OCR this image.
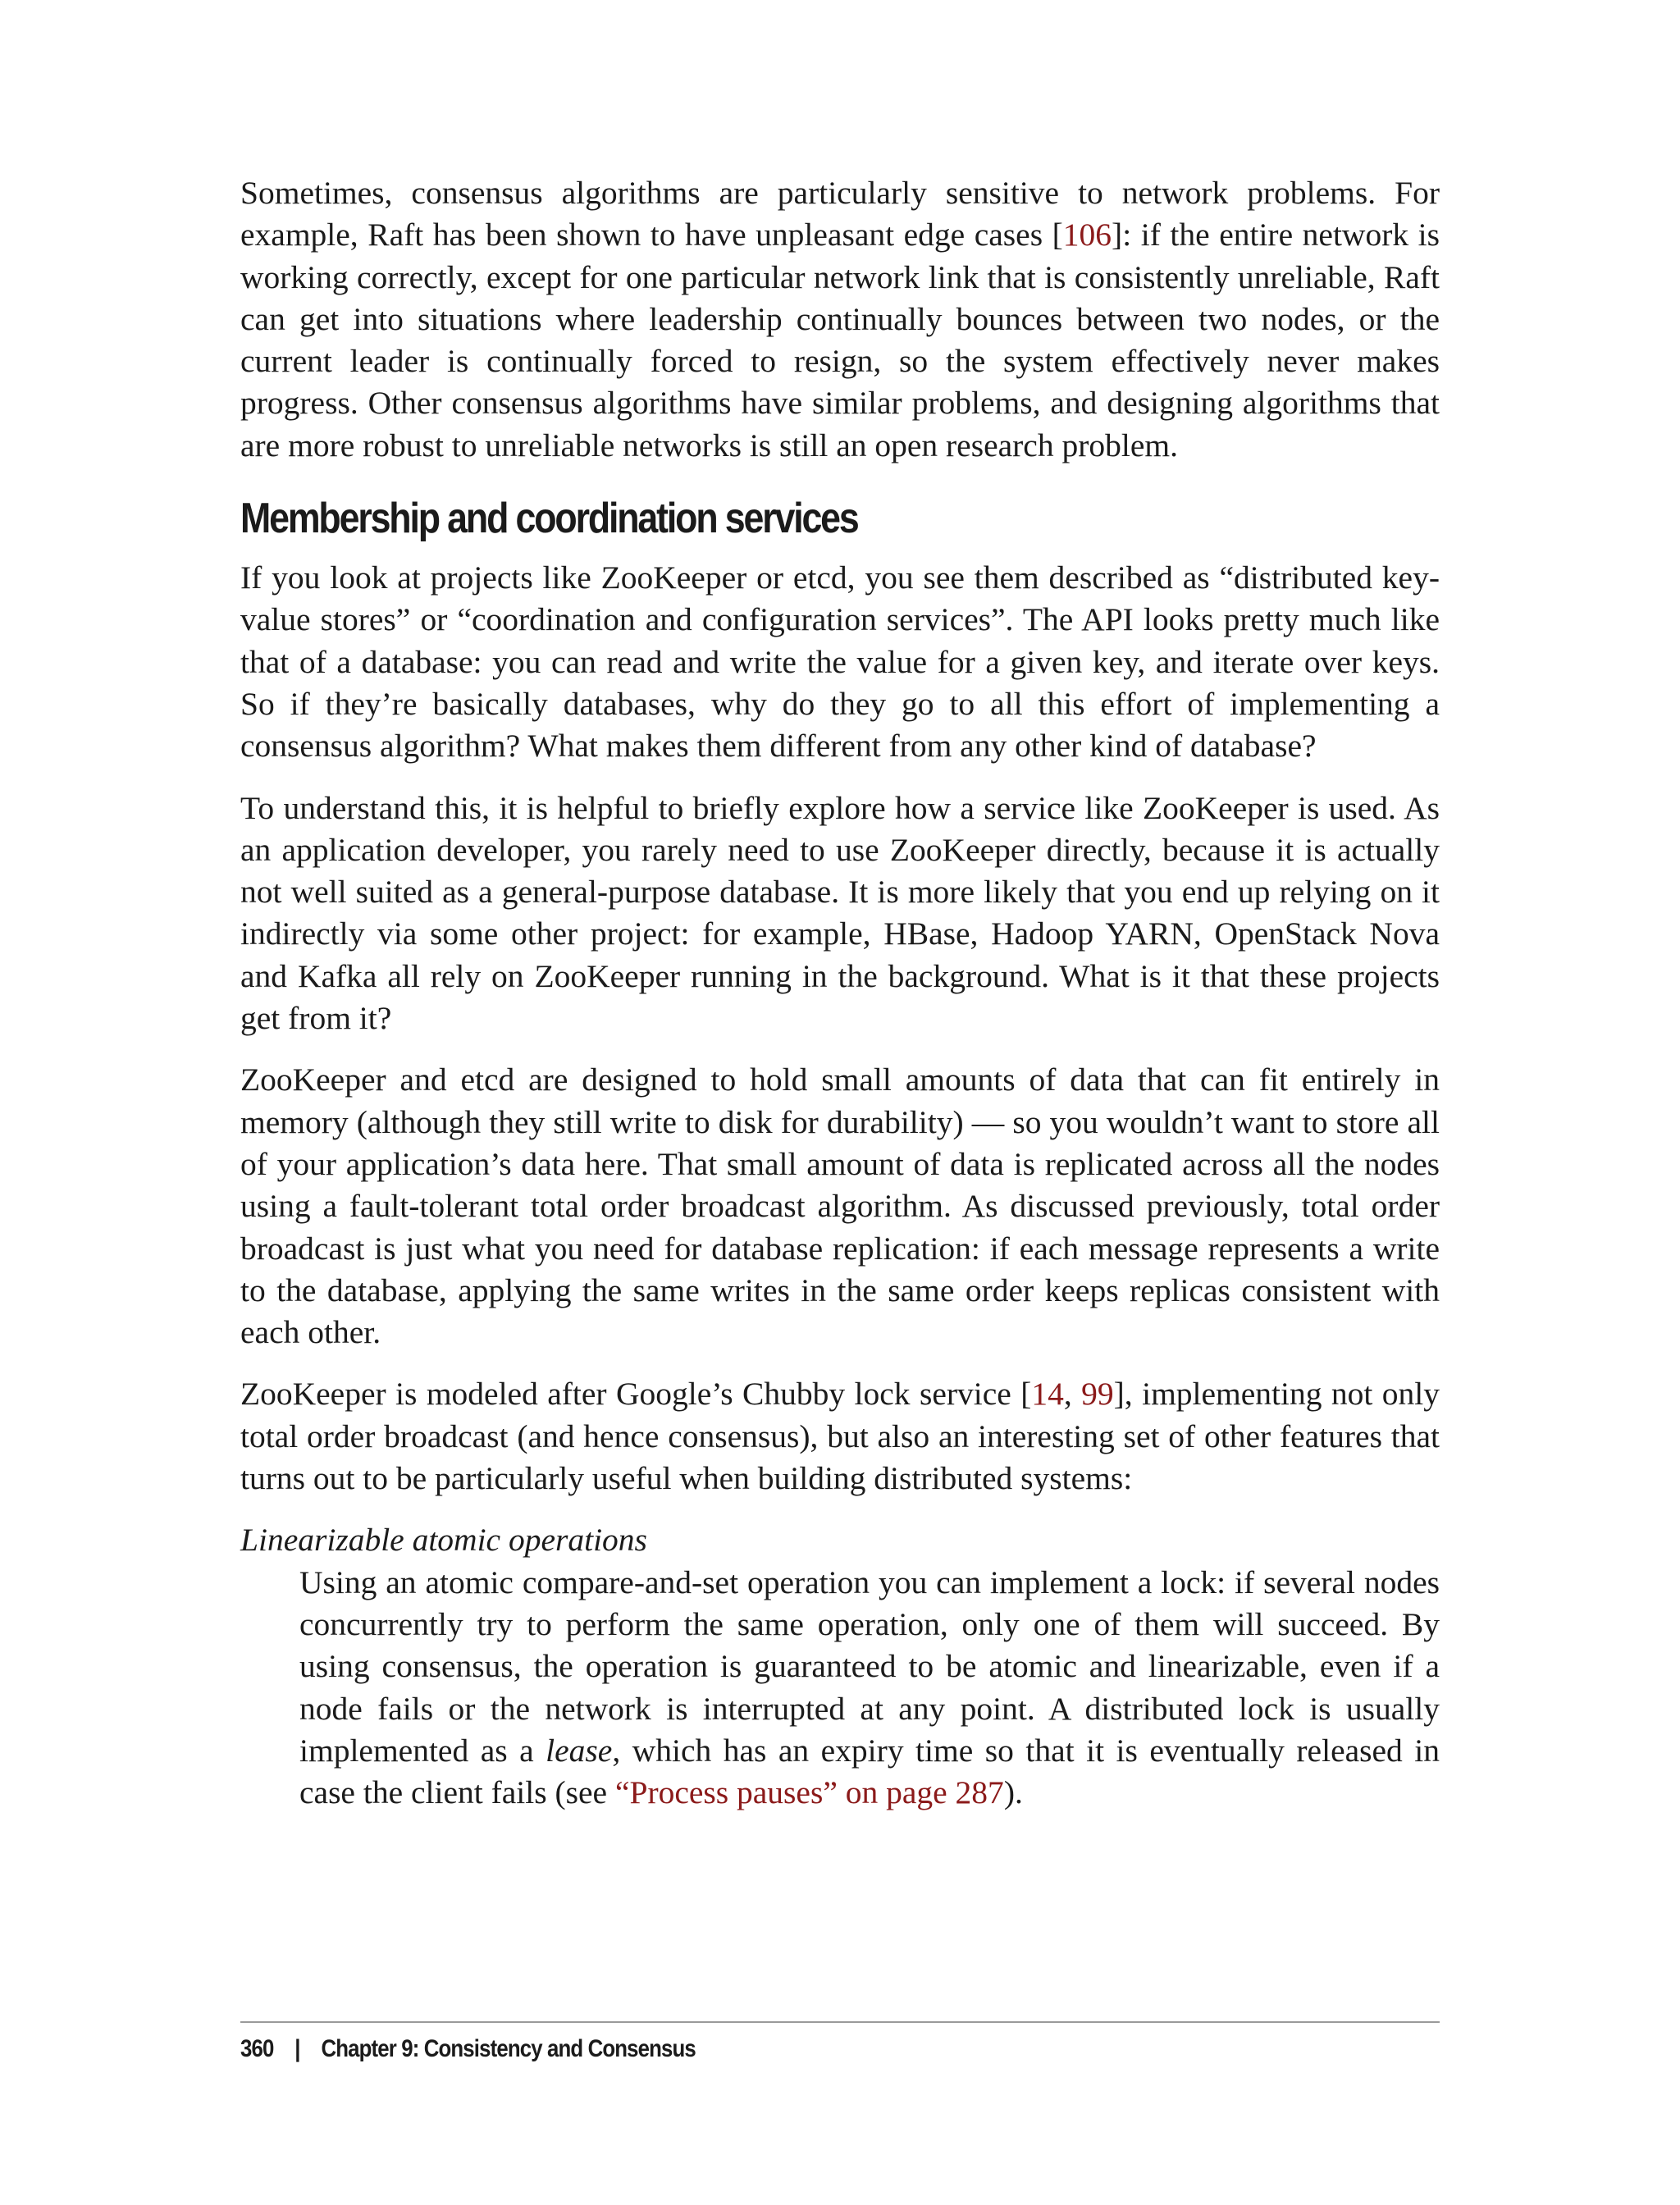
Sometimes, consensus algorithms are particularly sensitive to network problems. For example, Raft has been shown to have unpleasant edge cases [106]: if the entire network is working correctly, except for one particular network link that is consistently unreliable, Raft can get into situations where leadership continually bounces between two nodes, or the current leader is continually forced to resign, so the system effectively never makes progress. Other consensus algorithms have similar problems, and designing algorithms that are more robust to unreliable networks is still an open research problem.

Membership and coordination services

If you look at projects like ZooKeeper or etcd, you see them described as “distributed key-value stores” or “coordination and configuration services”. The API looks pretty much like that of a database: you can read and write the value for a given key, and iterate over keys. So if they’re basically databases, why do they go to all this effort of implementing a consensus algorithm? What makes them different from any other kind of database?

To understand this, it is helpful to briefly explore how a service like ZooKeeper is used. As an application developer, you rarely need to use ZooKeeper directly, because it is actually not well suited as a general-purpose database. It is more likely that you end up relying on it indirectly via some other project: for example, HBase, Hadoop YARN, OpenStack Nova and Kafka all rely on ZooKeeper running in the background. What is it that these projects get from it?

ZooKeeper and etcd are designed to hold small amounts of data that can fit entirely in memory (although they still write to disk for durability) — so you wouldn’t want to store all of your application’s data here. That small amount of data is replicated across all the nodes using a fault-tolerant total order broadcast algorithm. As discussed previously, total order broadcast is just what you need for database replication: if each message represents a write to the database, applying the same writes in the same order keeps replicas consistent with each other.

ZooKeeper is modeled after Google’s Chubby lock service [14, 99], implementing not only total order broadcast (and hence consensus), but also an interesting set of other features that turns out to be particularly useful when building distributed systems:

Linearizable atomic operations

Using an atomic compare-and-set operation you can implement a lock: if several nodes concurrently try to perform the same operation, only one of them will succeed. By using consensus, the operation is guaranteed to be atomic and linearizable, even if a node fails or the network is interrupted at any point. A distributed lock is usually implemented as a lease, which has an expiry time so that it is eventually released in case the client fails (see “Process pauses” on page 287).

360 | Chapter 9: Consistency and Consensus
